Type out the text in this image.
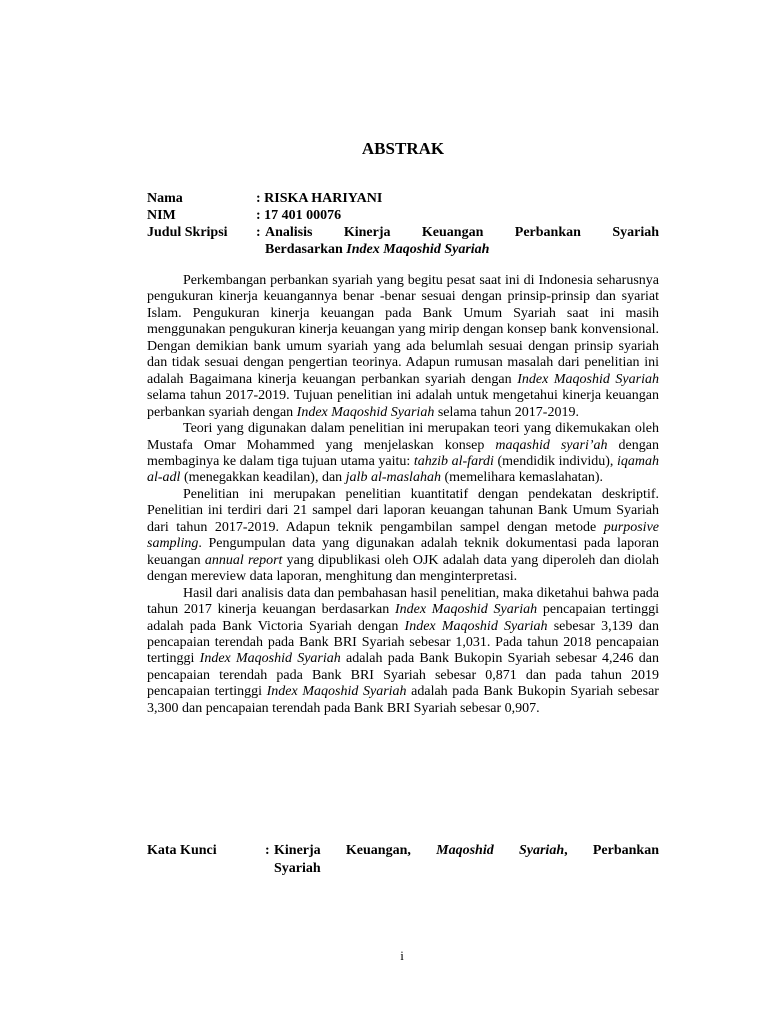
ABSTRAK
Nama	: RISKA HARIYANI
NIM	: 17 401 00076
Judul Skripsi	: Analisis Kinerja Keuangan Perbankan Syariah
Berdasarkan Index Maqoshid Syariah

Perkembangan perbankan syariah yang begitu pesat saat ini di Indonesia seharusnya pengukuran kinerja keuangannya benar -benar sesuai dengan prinsip-prinsip dan syariat Islam. Pengukuran kinerja keuangan pada Bank Umum Syariah saat ini masih menggunakan pengukuran kinerja keuangan yang mirip dengan konsep bank konvensional. Dengan demikian bank umum syariah yang ada belumlah sesuai dengan prinsip syariah dan tidak sesuai dengan pengertian teorinya. Adapun rumusan masalah dari penelitian ini adalah Bagaimana kinerja keuangan perbankan syariah dengan Index Maqoshid Syariah selama tahun 2017-2019. Tujuan penelitian ini adalah untuk mengetahui kinerja keuangan perbankan syariah dengan Index Maqoshid Syariah selama tahun 2017-2019.

Teori yang digunakan dalam penelitian ini merupakan teori yang dikemukakan oleh Mustafa Omar Mohammed yang menjelaskan konsep maqashid syari’ah dengan membaginya ke dalam tiga tujuan utama yaitu: tahzib al-fardi (mendidik individu), iqamah al-adl (menegakkan keadilan), dan jalb al-maslahah (memelihara kemaslahatan).

Penelitian ini merupakan penelitian kuantitatif dengan pendekatan deskriptif. Penelitian ini terdiri dari 21 sampel dari laporan keuangan tahunan Bank Umum Syariah dari tahun 2017-2019. Adapun teknik pengambilan sampel dengan metode purposive sampling. Pengumpulan data yang digunakan adalah teknik dokumentasi pada laporan keuangan annual report yang dipublikasi oleh OJK adalah data yang diperoleh dan diolah dengan mereview data laporan, menghitung dan menginterpretasi.

Hasil dari analisis data dan pembahasan hasil penelitian, maka diketahui bahwa pada tahun 2017 kinerja keuangan berdasarkan Index Maqoshid Syariah pencapaian tertinggi adalah pada Bank Victoria Syariah dengan Index Maqoshid Syariah sebesar 3,139 dan pencapaian terendah pada Bank BRI Syariah sebesar 1,031. Pada tahun 2018 pencapaian tertinggi Index Maqoshid Syariah adalah pada Bank Bukopin Syariah sebesar 4,246 dan pencapaian terendah pada Bank BRI Syariah sebesar 0,871 dan pada tahun 2019 pencapaian tertinggi Index Maqoshid Syariah adalah pada Bank Bukopin Syariah sebesar 3,300 dan pencapaian terendah pada Bank BRI Syariah sebesar 0,907.

Kata Kunci	: Kinerja Keuangan, Maqoshid Syariah, Perbankan
Syariah
i
